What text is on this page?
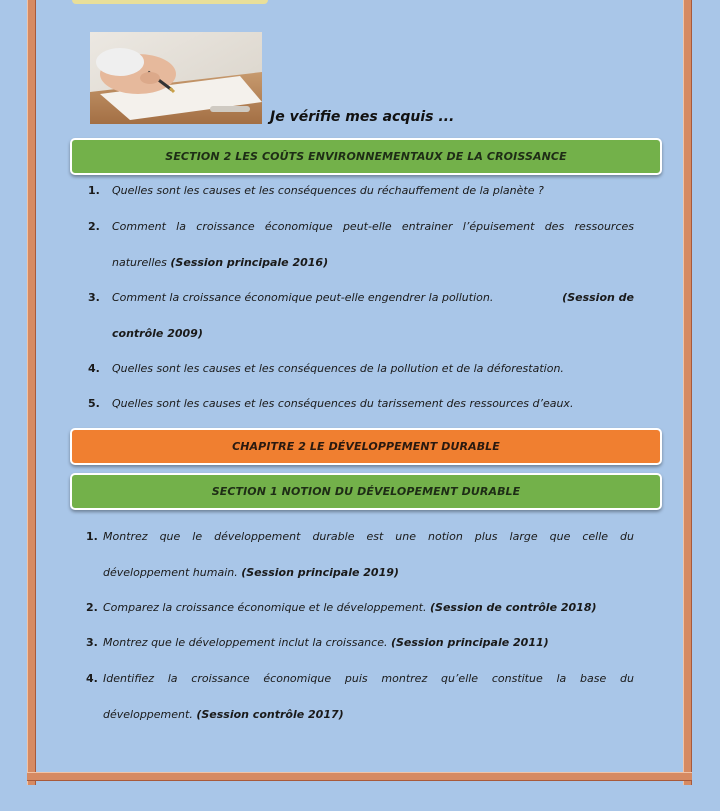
Je vérifie mes acquis ...
SECTION 2 LES COÛTS ENVIRONNEMENTAUX DE LA CROISSANCE
1. Quelles sont les causes et les conséquences du réchauffement de la planète ?
2. Comment la croissance économique peut-elle entrainer l’épuisement des ressources
naturelles (Session principale 2016)
3. Comment la croissance économique peut-elle engendrer la pollution.	(Session de
contrôle 2009)
4. Quelles sont les causes et les conséquences de la pollution et de la déforestation.
5. Quelles sont les causes et les conséquences du tarissement des ressources d’eaux.
CHAPITRE 2 LE DÉVELOPPEMENT DURABLE
SECTION 1 NOTION DU DÉVELOPEMENT DURABLE
1. Montrez que le développement durable est une notion plus large que celle du
développement humain. (Session principale 2019)
2. Comparez la croissance économique et le développement. (Session de contrôle 2018)
3. Montrez que le développement inclut la croissance. (Session principale 2011)
4. Identifiez la croissance économique puis montrez qu’elle constitue la base du
développement. (Session contrôle 2017)
